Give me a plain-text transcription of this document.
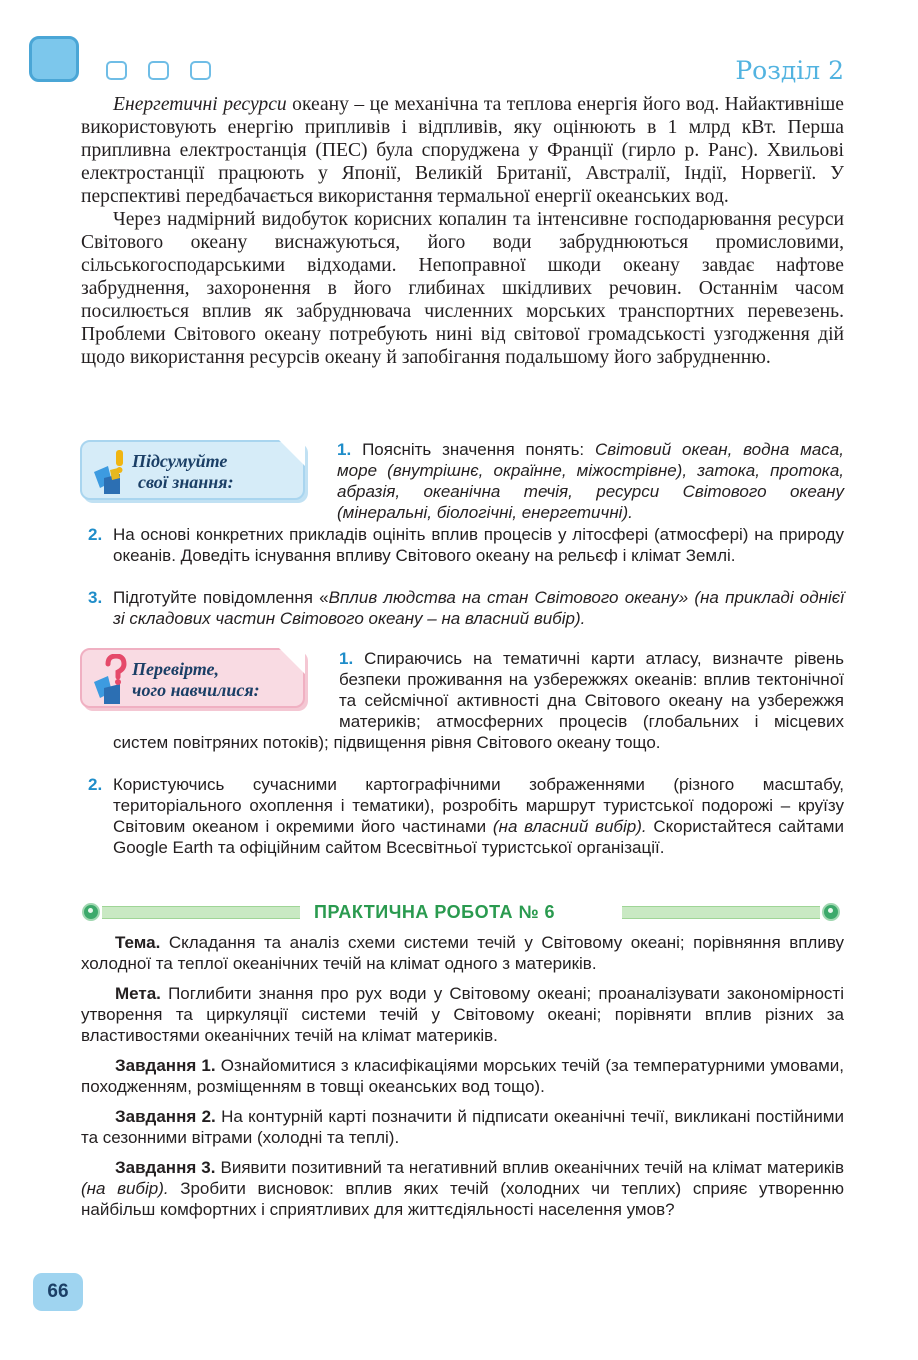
Розділ 2

Енергетичні ресурси океану – це механічна та теплова енергія його вод. Найактивніше використовують енергію припливів і відпливів, яку оцінюють в 1 млрд кВт. Перша припливна електростанція (ПЕС) була споруджена у Франції (гирло р. Ранс). Хвильові електростанції працюють у Японії, Великій Британії, Австралії, Індії, Норвегії. У перспективі передбачається використання термальної енергії океанських вод.

Через надмірний видобуток корисних копалин та інтенсивне господарювання ресурси Світового океану виснажуються, його води забруднюються промисловими, сільськогосподарськими відходами. Непоправної шкоди океану завдає нафтове забруднення, захоронення в його глибинах шкідливих речовин. Останнім часом посилюється вплив як забруднювача численних морських транспортних перевезень. Проблеми Світового океану потребують нині від світової громадськості узгодження дій щодо використання ресурсів океану й запобігання подальшому його забрудненню.

Підсумуйте
свої знання:
1. Поясніть значення понять: Світовий океан, водна маса, море (внутрішнє, окраїнне, міжострівне), затока, протока, абразія, океанічна течія, ресурси Світового океану (мінеральні, біологічні, енергетичні).
2. На основі конкретних прикладів оцініть вплив процесів у літосфері (атмосфері) на природу океанів. Доведіть існування впливу Світового океану на рельєф і клімат Землі.
3. Підготуйте повідомлення «Вплив людства на стан Світового океану» (на прикладі однієї зі складових частин Світового океану – на власний вибір).
Перевірте,
чого навчилися:
1. Спираючись на тематичні карти атласу, визначте рівень безпеки проживання на узбережжях океанів: вплив тектонічної та сейсмічної активності дна Світового океану на узбережжя материків; атмосферних процесів (глобальних і місцевих систем повітряних потоків); підвищення рівня Світового океану тощо.
2. Користуючись сучасними картографічними зображеннями (різного масштабу, територіального охоплення і тематики), розробіть маршрут туристської подорожі – круїзу Світовим океаном і окремими його частинами (на власний вибір). Скористайтеся сайтами Google Earth та офіційним сайтом Всесвітньої туристської організації.
ПРАКТИЧНА РОБОТА № 6

Тема. Складання та аналіз схеми системи течій у Світовому океані; порівняння впливу холодної та теплої океанічних течій на клімат одного з материків.

Мета. Поглибити знання про рух води у Світовому океані; проаналізувати закономірності утворення та циркуляції системи течій у Світовому океані; порівняти вплив різних за властивостями океанічних течій на клімат материків.

Завдання 1. Ознайомитися з класифікаціями морських течій (за температурними умовами, походженням, розміщенням в товщі океанських вод тощо).

Завдання 2. На контурній карті позначити й підписати океанічні течії, викликані постійними та сезонними вітрами (холодні та теплі).

Завдання 3. Виявити позитивний та негативний вплив океанічних течій на клімат материків (на вибір). Зробити висновок: вплив яких течій (холодних чи теплих) сприяє утворенню найбільш комфортних і сприятливих для життєдіяльності населення умов?

66
